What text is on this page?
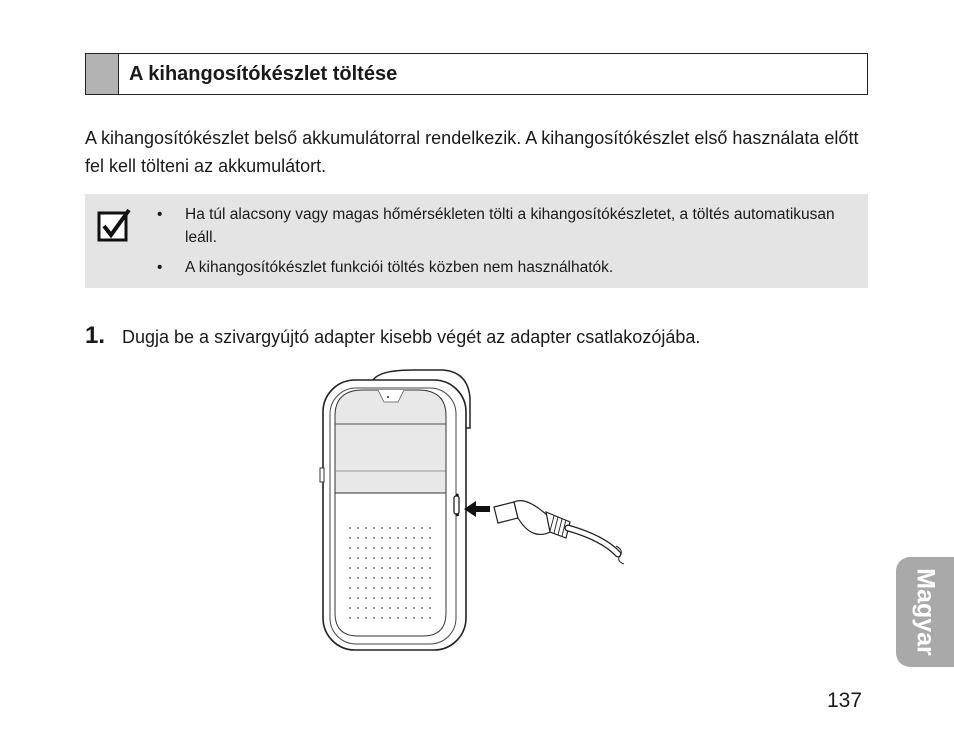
A kihangosítókészlet töltése

A kihangosítókészlet belső akkumulátorral rendelkezik. A kihangosítókészlet első használata előtt fel kell tölteni az akkumulátort.

• Ha túl alacsony vagy magas hőmérsékleten tölti a kihangosítókészletet, a töltés automatikusan leáll.
• A kihangosítókészlet funkciói töltés közben nem használhatók.
1. Dugja be a szivargyújtó adapter kisebb végét az adapter csatlakozójába.
Magyar
137
